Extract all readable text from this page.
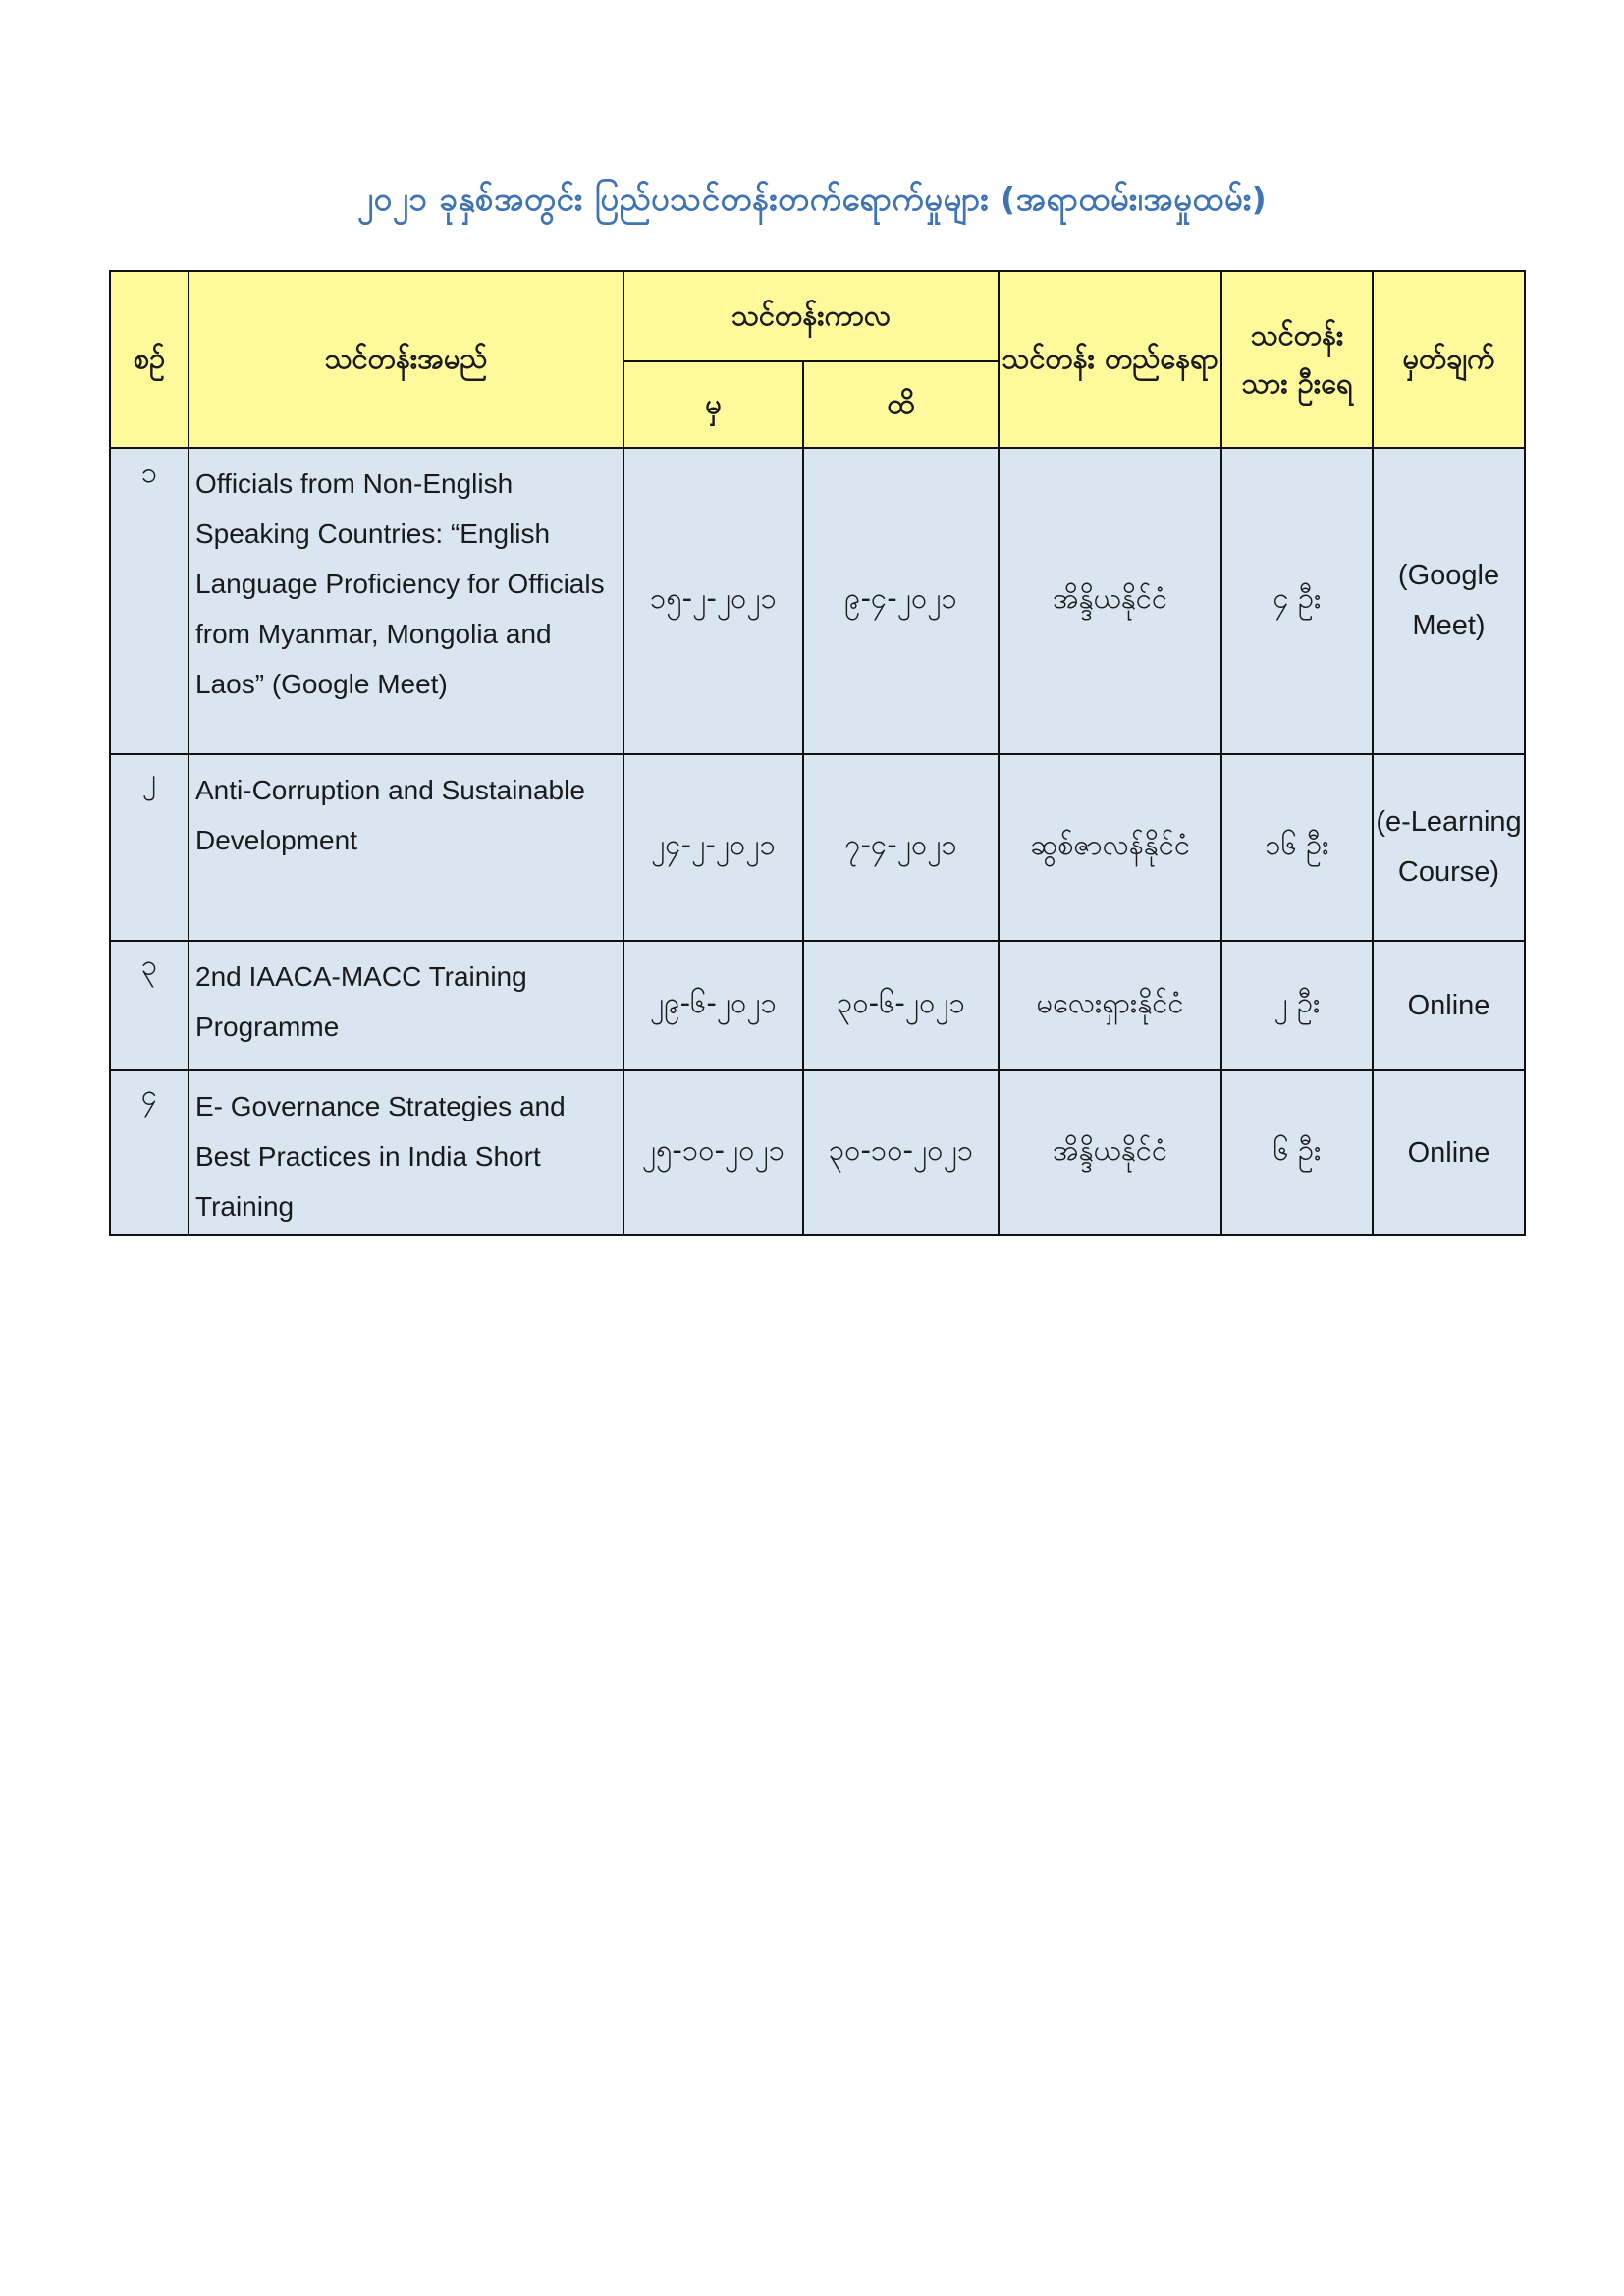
၂၀၂၁ ခုနှစ်အတွင်း ပြည်ပသင်တန်းတက်ရောက်မှုများ (အရာထမ်း၊အမှုထမ်း)
စဉ်	သင်တန်းအမည်	သင်တန်းကာလ		သင်တန်း တည်နေရာ	သင်တန်း သား ဦးရေ	မှတ်ချက်
		မှ	ထိ			
၁	Officials from Non-English Speaking Countries: “English Language Proficiency for Officials from Myanmar, Mongolia and Laos” (Google Meet)	၁၅-၂-၂၀၂၁	၉-၄-၂၀၂၁	အိန္ဒိယနိုင်ငံ	၄ ဦး	(Google Meet)
၂	Anti-Corruption and Sustainable Development	၂၄-၂-၂၀၂၁	၇-၄-၂၀၂၁	ဆွစ်ဇာလန်နိုင်ငံ	၁၆ ဦး	(e-Learning Course)
၃	2nd IAACA-MACC Training Programme	၂၉-၆-၂၀၂၁	၃၀-၆-၂၀၂၁	မလေးရှားနိုင်ငံ	၂ ဦး	Online
၄	E- Governance Strategies and Best Practices in India Short Training	၂၅-၁၀-၂၀၂၁	၃၀-၁၀-၂၀၂၁	အိန္ဒိယနိုင်ငံ	၆ ဦး	Online
